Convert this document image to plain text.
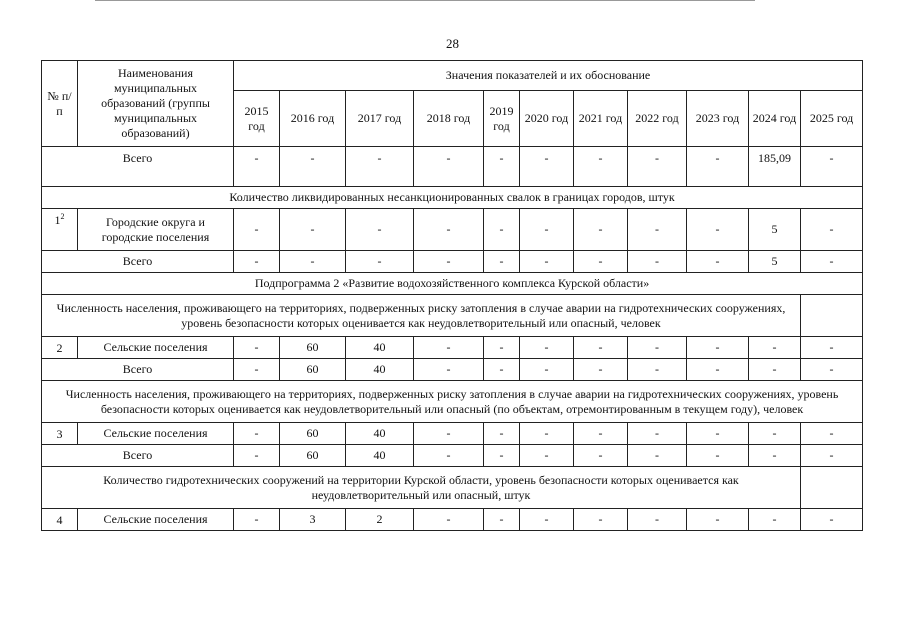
28
№ п/п	Наименования муниципальных образований (группы муниципальных образований)	Значения показателей и их обоснование										
		2015 год	2016 год	2017 год	2018 год	2019 год	2020 год	2021 год	2022 год	2023 год	2024 год	2025 год
Всего		-	-	-	-	-	-	-	-	-	185,09	-
Количество ликвидированных несанкционированных свалок в границах городов, штук												
$1^2$	Городские округа и городские поселения	-	-	-	-	-	-	-	-	-	5	-
Всего		-	-	-	-	-	-	-	-	-	5	-
Подпрограмма 2 «Развитие водохозяйственного комплекса Курской области»												
Численность населения, проживающего на территориях, подверженных риску затопления в случае аварии на гидротехнических сооружениях, уровень безопасности которых оценивается как неудовлетворительный или опасный, человек												
2	Сельские поселения	-	60	40	-	-	-	-	-	-	-	-
Всего		-	60	40	-	-	-	-	-	-	-	-
Численность населения, проживающего на территориях, подверженных риску затопления в случае аварии на гидротехнических сооружениях, уровень безопасности которых оценивается как неудовлетворительный или опасный (по объектам, отремонтированным в текущем году), человек												
3	Сельские поселения	-	60	40	-	-	-	-	-	-	-	-
Всего		-	60	40	-	-	-	-	-	-	-	-
Количество гидротехнических сооружений на территории Курской области, уровень безопасности которых оценивается как неудовлетворительный или опасный, штук												
4	Сельские поселения	-	3	2	-	-	-	-	-	-	-	-
